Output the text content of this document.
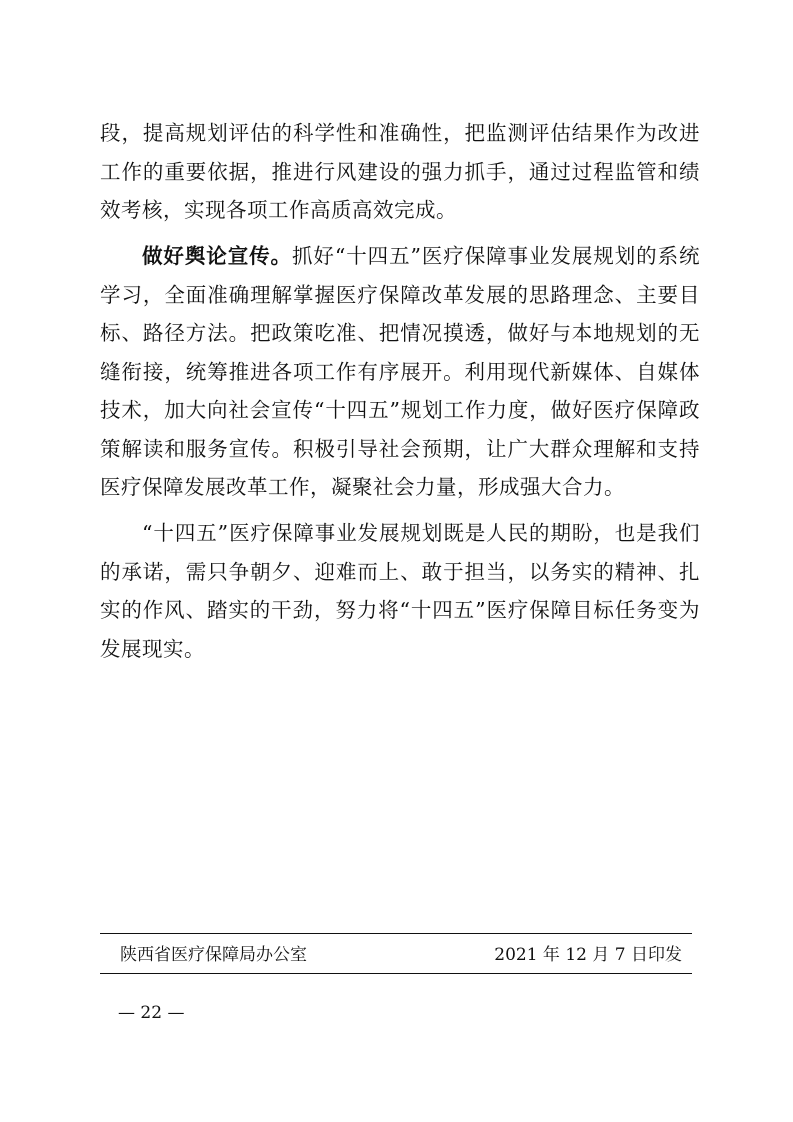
段，提高规划评估的科学性和准确性，把监测评估结果作为改进工作的重要依据，推进行风建设的强力抓手，通过过程监管和绩效考核，实现各项工作高质高效完成。

做好舆论宣传。抓好“十四五”医疗保障事业发展规划的系统学习，全面准确理解掌握医疗保障改革发展的思路理念、主要目标、路径方法。把政策吃准、把情况摸透，做好与本地规划的无缝衔接，统筹推进各项工作有序展开。利用现代新媒体、自媒体技术，加大向社会宣传“十四五”规划工作力度，做好医疗保障政策解读和服务宣传。积极引导社会预期，让广大群众理解和支持医疗保障发展改革工作，凝聚社会力量，形成强大合力。

“十四五”医疗保障事业发展规划既是人民的期盼，也是我们的承诺，需只争朝夕、迎难而上、敢于担当，以务实的精神、扎实的作风、踏实的干劲，努力将“十四五”医疗保障目标任务变为发展现实。

陕西省医疗保障局办公室	2021 年 12 月 7 日印发
— 22 —
